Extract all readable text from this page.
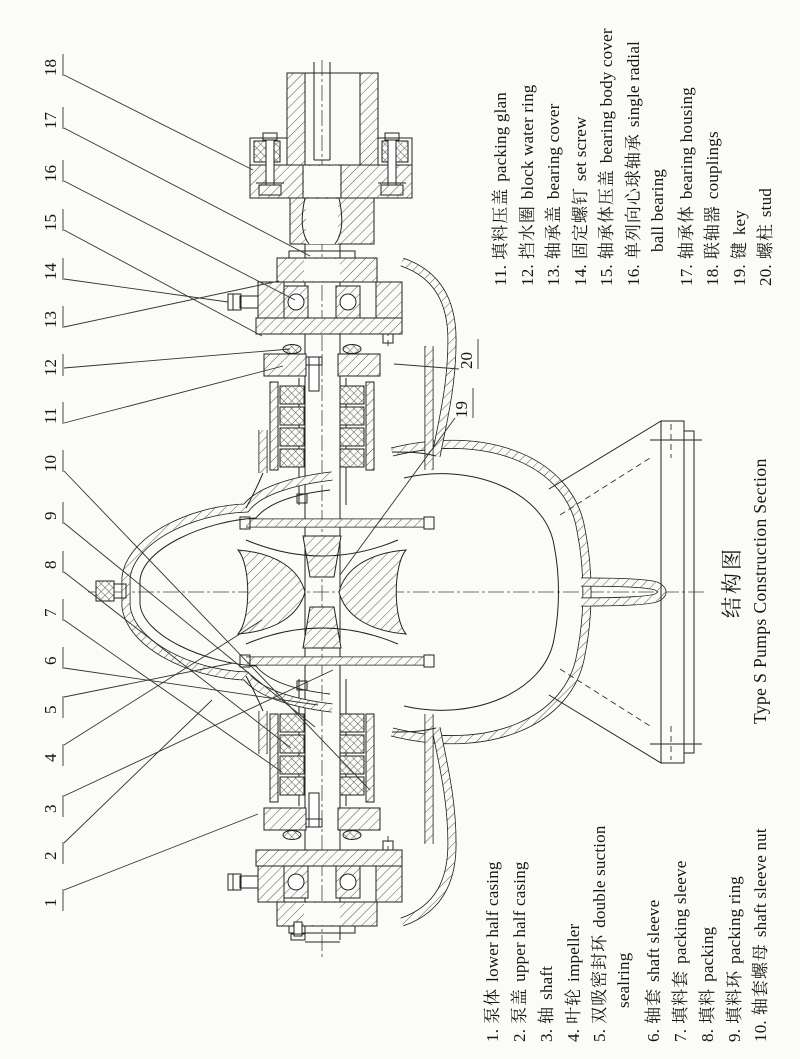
18
17
16
15
14
13
12
11
10
9
8
7
6
5
4
3
2
1
19
20
11.填料压盖packing glan
12.挡水圈block water ring
13.轴承盖bearing cover
14.固定螺钉set screw
15.轴承体压盖bearing body cover
16.单列向心球轴承single radial
ball bearing
17.轴承体bearing housing
18.联轴器couplings
19.键key
20.螺柱stud
1.泵体lower half casing
2.泵盖upper half casing
3.轴shaft
4.叶轮impeller
5.双吸密封环double suction
sealring
6.轴套shaft sleeve
7.填料套packing sleeve
8.填料packing
9.填料环packing ring
10.轴套螺母shaft sleeve nut
结构图 Type S Pumps Construction Section
